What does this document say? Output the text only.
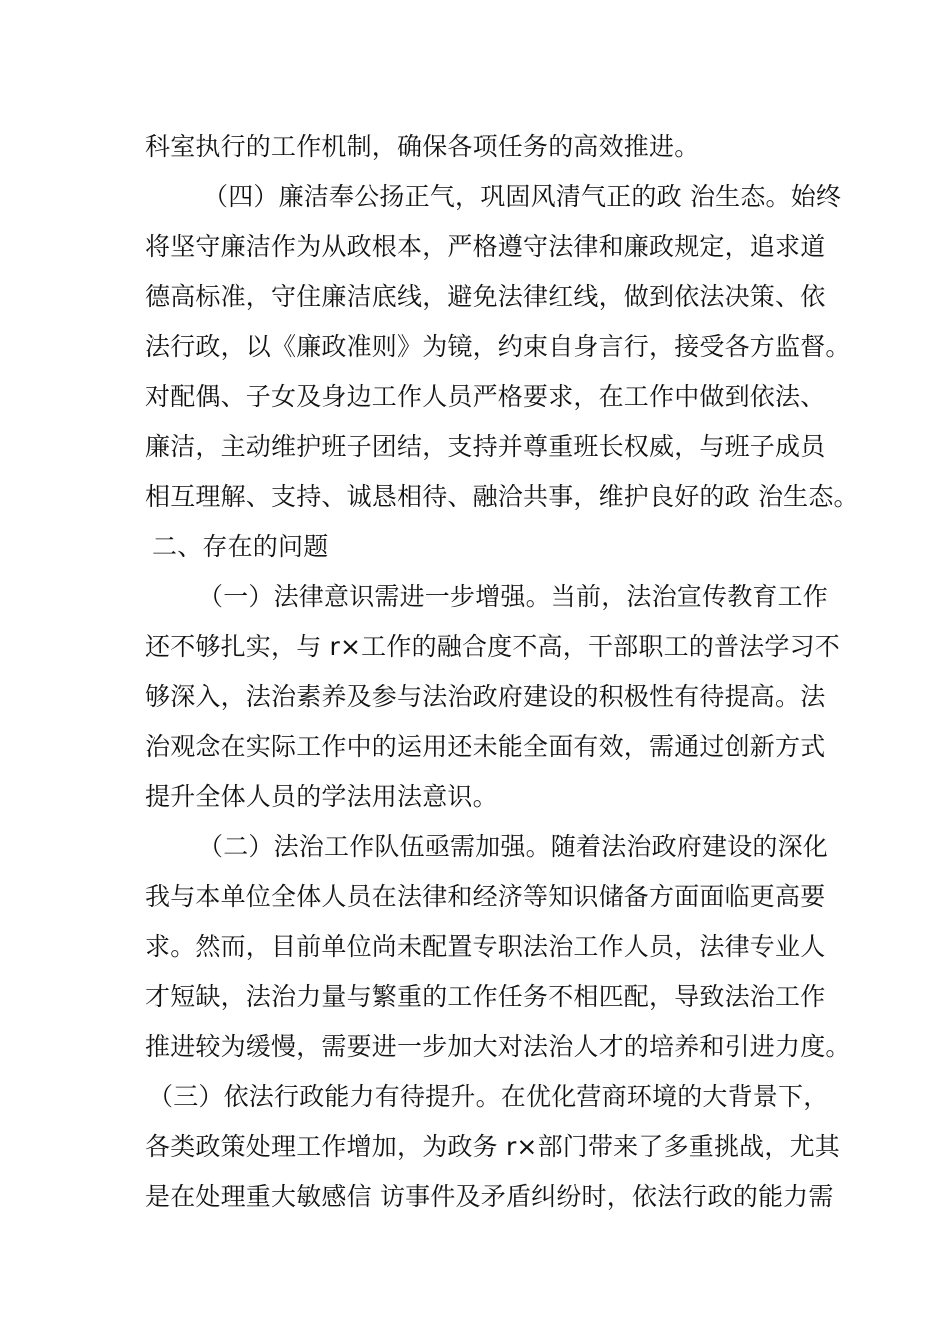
科室执行的工作机制，确保各项任务的高效推进。
（四）廉洁奉公扬正气，巩固风清气正的政 治生态。始终
将坚守廉洁作为从政根本，严格遵守法律和廉政规定，追求道
德高标准，守住廉洁底线，避免法律红线，做到依法决策、依
法行政，以《廉政准则》为镜，约束自身言行，接受各方监督。
对配偶、子女及身边工作人员严格要求，在工作中做到依法、
廉洁，主动维护班子团结，支持并尊重班长权威，与班子成员
相互理解、支持、诚恳相待、融洽共事，维护良好的政 治生态。
二、存在的问题
（一）法律意识需进一步增强。当前，法治宣传教育工作
还不够扎实，与 r×工作的融合度不高，干部职工的普法学习不
够深入，法治素养及参与法治政府建设的积极性有待提高。法
治观念在实际工作中的运用还未能全面有效，需通过创新方式
提升全体人员的学法用法意识。
（二）法治工作队伍亟需加强。随着法治政府建设的深化
我与本单位全体人员在法律和经济等知识储备方面面临更高要
求。然而，目前单位尚未配置专职法治工作人员，法律专业人
才短缺，法治力量与繁重的工作任务不相匹配，导致法治工作
推进较为缓慢，需要进一步加大对法治人才的培养和引进力度。
（三）依法行政能力有待提升。在优化营商环境的大背景下，
各类政策处理工作增加，为政务 r×部门带来了多重挑战，尤其
是在处理重大敏感信 访事件及矛盾纠纷时，依法行政的能力需
